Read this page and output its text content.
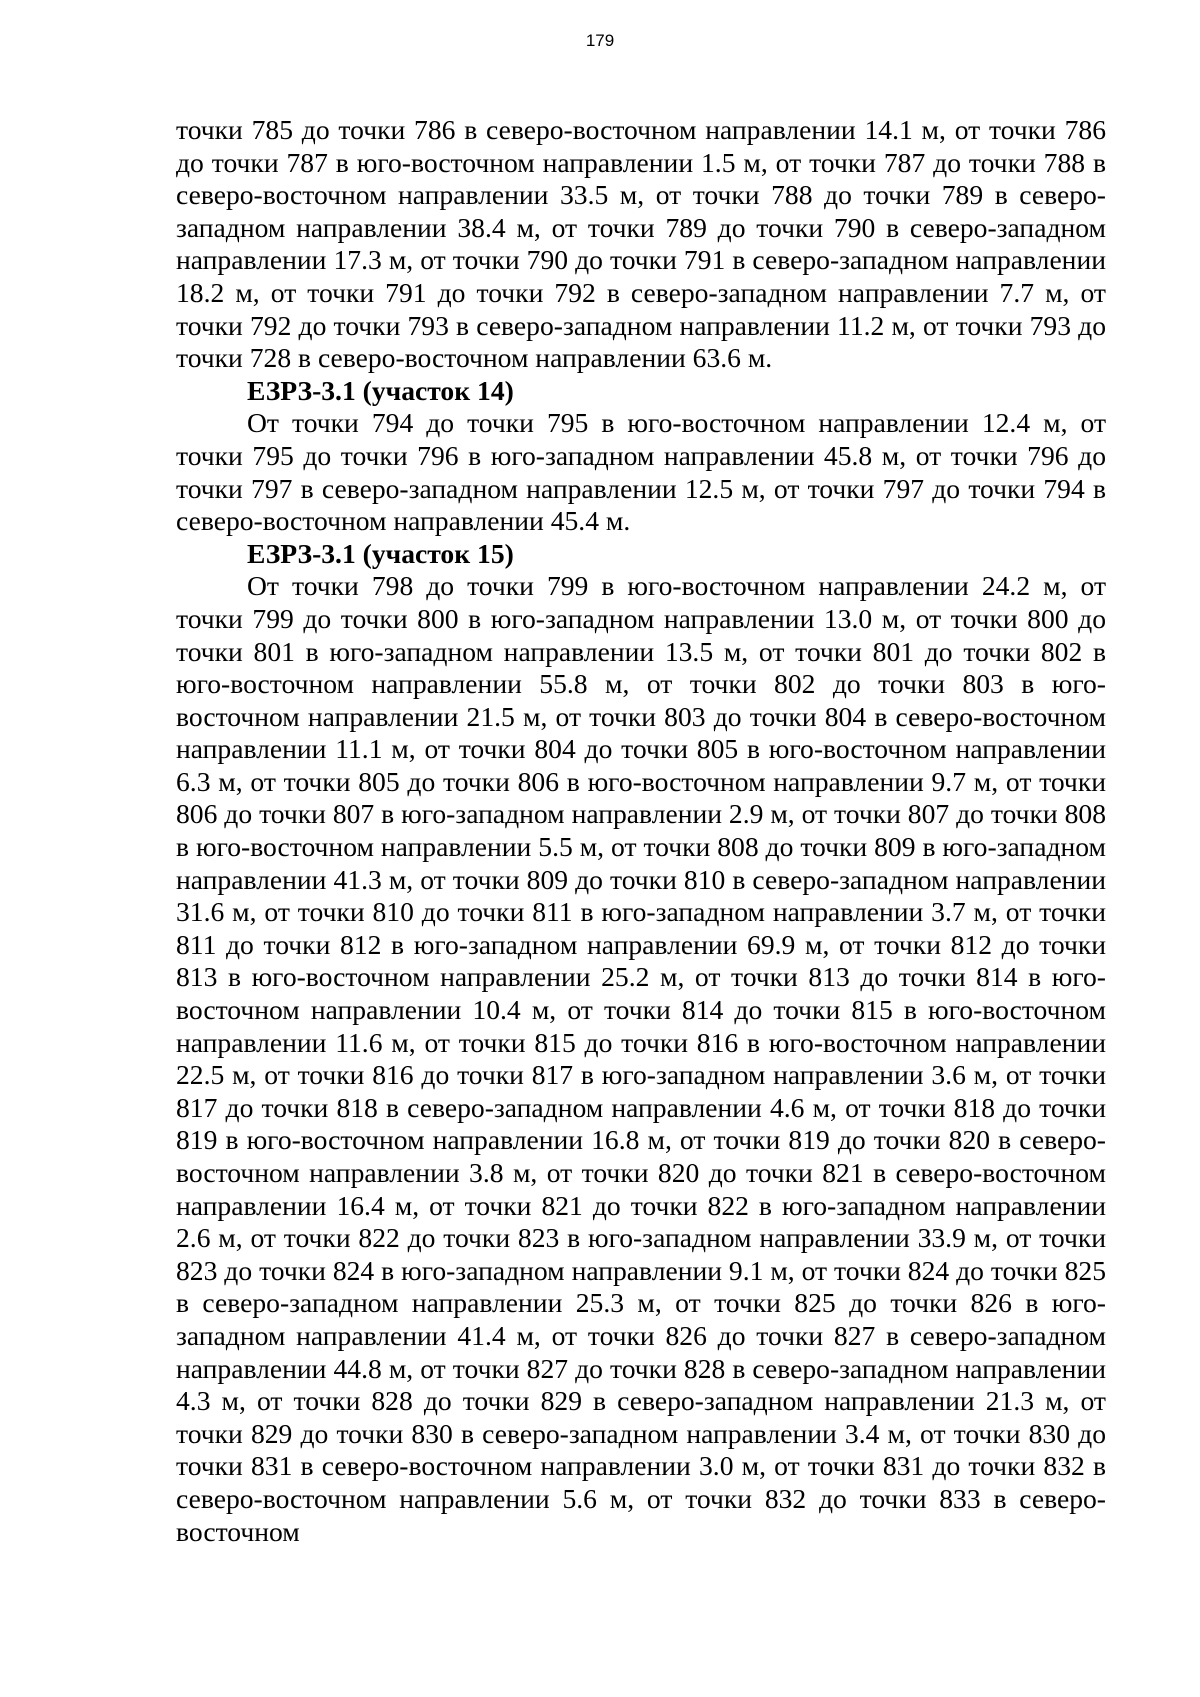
179

точки 785 до точки 786 в северо-восточном направлении 14.1 м, от точки 786 до точки 787 в юго-восточном направлении 1.5 м, от точки 787 до точки 788 в северо-восточном направлении 33.5 м, от точки 788 до точки 789 в северо-западном направлении 38.4 м, от точки 789 до точки 790 в северо-западном направлении 17.3 м, от точки 790 до точки 791 в северо-западном направлении 18.2 м, от точки 791 до точки 792 в северо-западном направлении 7.7 м, от точки 792 до точки 793 в северо-западном направлении 11.2 м, от точки 793 до точки 728 в северо-восточном направлении 63.6 м.

ЕЗРЗ-3.1 (участок 14)

От точки 794 до точки 795 в юго-восточном направлении 12.4 м, от точки 795 до точки 796 в юго-западном направлении 45.8 м, от точки 796 до точки 797 в северо-западном направлении 12.5 м, от точки 797 до точки 794 в северо-восточном направлении 45.4 м.

ЕЗРЗ-3.1 (участок 15)

От точки 798 до точки 799 в юго-восточном направлении 24.2 м, от точки 799 до точки 800 в юго-западном направлении 13.0 м, от точки 800 до точки 801 в юго-западном направлении 13.5 м, от точки 801 до точки 802 в юго-восточном направлении 55.8 м, от точки 802 до точки 803 в юго-восточном направлении 21.5 м, от точки 803 до точки 804 в северо-восточном направлении 11.1 м, от точки 804 до точки 805 в юго-восточном направлении 6.3 м, от точки 805 до точки 806 в юго-восточном направлении 9.7 м, от точки 806 до точки 807 в юго-западном направлении 2.9 м, от точки 807 до точки 808 в юго-восточном направлении 5.5 м, от точки 808 до точки 809 в юго-западном направлении 41.3 м, от точки 809 до точки 810 в северо-западном направлении 31.6 м, от точки 810 до точки 811 в юго-западном направлении 3.7 м, от точки 811 до точки 812 в юго-западном направлении 69.9 м, от точки 812 до точки 813 в юго-восточном направлении 25.2 м, от точки 813 до точки 814 в юго-восточном направлении 10.4 м, от точки 814 до точки 815 в юго-восточном направлении 11.6 м, от точки 815 до точки 816 в юго-восточном направлении 22.5 м, от точки 816 до точки 817 в юго-западном направлении 3.6 м, от точки 817 до точки 818 в северо-западном направлении 4.6 м, от точки 818 до точки 819 в юго-восточном направлении 16.8 м, от точки 819 до точки 820 в северо-восточном направлении 3.8 м, от точки 820 до точки 821 в северо-восточном направлении 16.4 м, от точки 821 до точки 822 в юго-западном направлении 2.6 м, от точки 822 до точки 823 в юго-западном направлении 33.9 м, от точки 823 до точки 824 в юго-западном направлении 9.1 м, от точки 824 до точки 825 в северо-западном направлении 25.3 м, от точки 825 до точки 826 в юго-западном направлении 41.4 м, от точки 826 до точки 827 в северо-западном направлении 44.8 м, от точки 827 до точки 828 в северо-западном направлении 4.3 м, от точки 828 до точки 829 в северо-западном направлении 21.3 м, от точки 829 до точки 830 в северо-западном направлении 3.4 м, от точки 830 до точки 831 в северо-восточном направлении 3.0 м, от точки 831 до точки 832 в северо-восточном направлении 5.6 м, от точки 832 до точки 833 в северо-восточном
